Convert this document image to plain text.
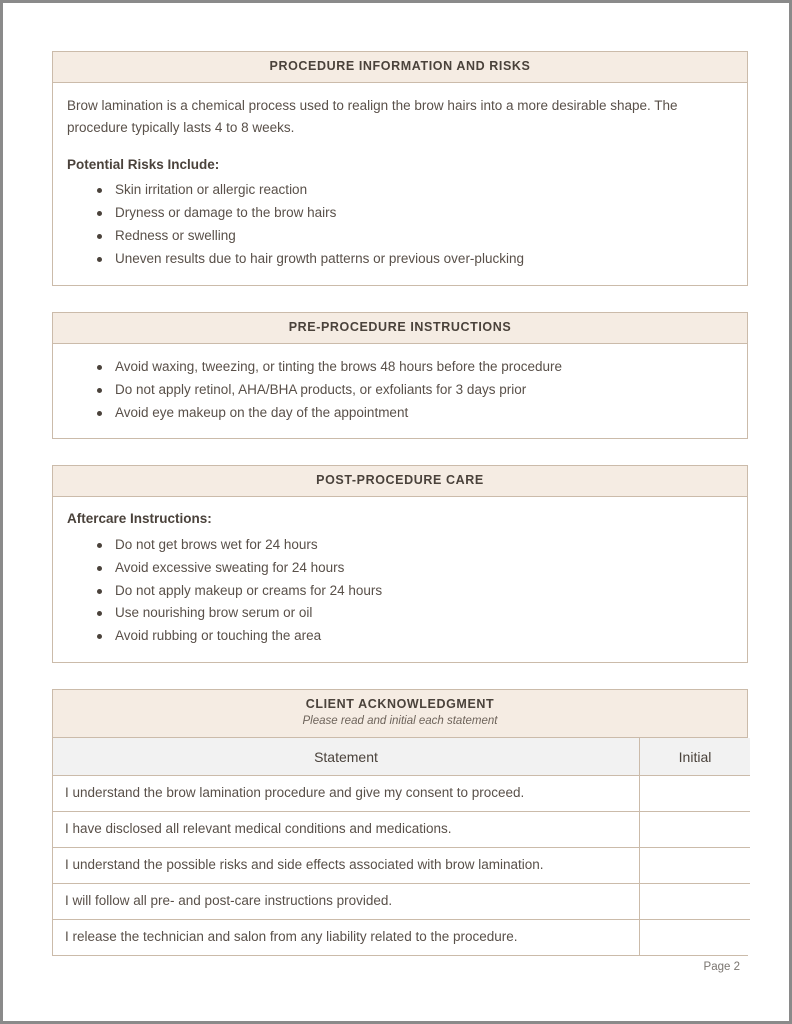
PROCEDURE INFORMATION AND RISKS

Brow lamination is a chemical process used to realign the brow hairs into a more desirable shape. The procedure typically lasts 4 to 8 weeks.

Potential Risks Include:

Skin irritation or allergic reaction
Dryness or damage to the brow hairs
Redness or swelling
Uneven results due to hair growth patterns or previous over-plucking
PRE-PROCEDURE INSTRUCTIONS
Avoid waxing, tweezing, or tinting the brows 48 hours before the procedure
Do not apply retinol, AHA/BHA products, or exfoliants for 3 days prior
Avoid eye makeup on the day of the appointment
POST-PROCEDURE CARE

Aftercare Instructions:

Do not get brows wet for 24 hours
Avoid excessive sweating for 24 hours
Do not apply makeup or creams for 24 hours
Use nourishing brow serum or oil
Avoid rubbing or touching the area
CLIENT ACKNOWLEDGMENT
Please read and initial each statement
Statement	Initial
I understand the brow lamination procedure and give my consent to proceed.	
I have disclosed all relevant medical conditions and medications.	
I understand the possible risks and side effects associated with brow lamination.	
I will follow all pre- and post-care instructions provided.	
I release the technician and salon from any liability related to the procedure.	
Page 2
